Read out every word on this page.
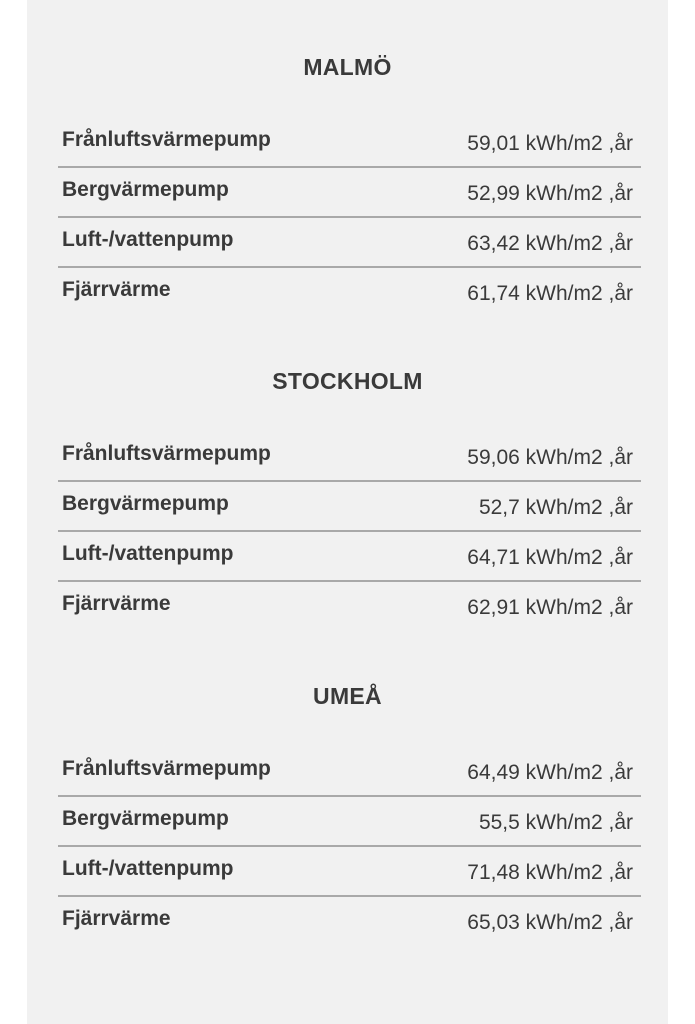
MALMÖ
Frånluftsvärmepump	59,01 kWh/m2 ,år
Bergvärmepump	52,99 kWh/m2 ,år
Luft-/vattenpump	63,42 kWh/m2 ,år
Fjärrvärme	61,74 kWh/m2 ,år
STOCKHOLM
Frånluftsvärmepump	59,06 kWh/m2 ,år
Bergvärmepump	52,7 kWh/m2 ,år
Luft-/vattenpump	64,71 kWh/m2 ,år
Fjärrvärme	62,91 kWh/m2 ,år
UMEÅ
Frånluftsvärmepump	64,49 kWh/m2 ,år
Bergvärmepump	55,5 kWh/m2 ,år
Luft-/vattenpump	71,48 kWh/m2 ,år
Fjärrvärme	65,03 kWh/m2 ,år
